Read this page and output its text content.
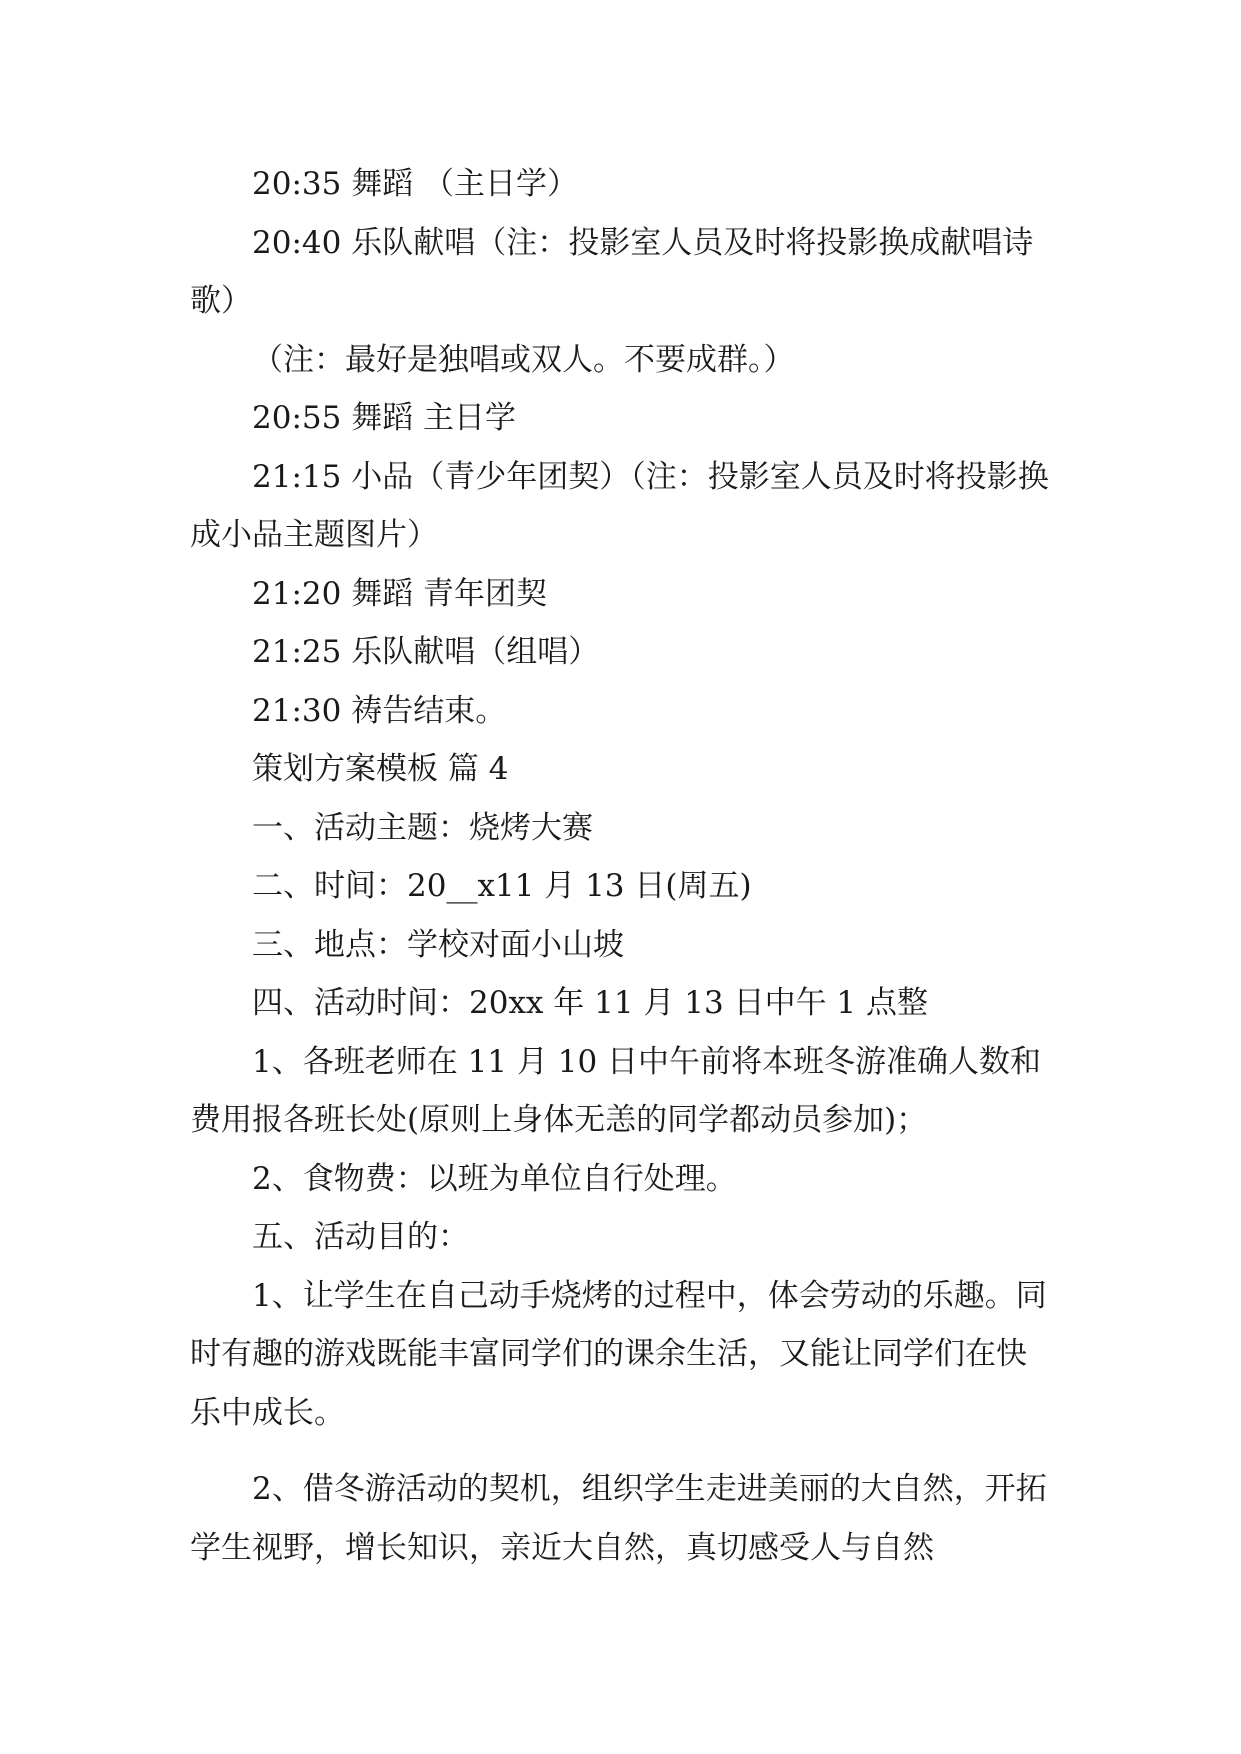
20:35 舞蹈 （主日学）

20:40 乐队献唱（注：投影室人员及时将投影换成献唱诗歌）

（注：最好是独唱或双人。不要成群。）

20:55 舞蹈 主日学

21:15 小品（青少年团契）（注：投影室人员及时将投影换成小品主题图片）

21:20 舞蹈 青年团契

21:25 乐队献唱（组唱）

21:30 祷告结束。

策划方案模板 篇 4

一、活动主题：烧烤大赛

二、时间：20__x11 月 13 日(周五)

三、地点：学校对面小山坡

四、活动时间：20xx 年 11 月 13 日中午 1 点整

1、各班老师在 11 月 10 日中午前将本班冬游准确人数和费用报各班长处(原则上身体无恙的同学都动员参加)；

2、食物费：以班为单位自行处理。

五、活动目的：

1、让学生在自己动手烧烤的过程中，体会劳动的乐趣。同时有趣的游戏既能丰富同学们的课余生活，又能让同学们在快乐中成长。

2、借冬游活动的契机，组织学生走进美丽的大自然，开拓学生视野，增长知识，亲近大自然，真切感受人与自然
